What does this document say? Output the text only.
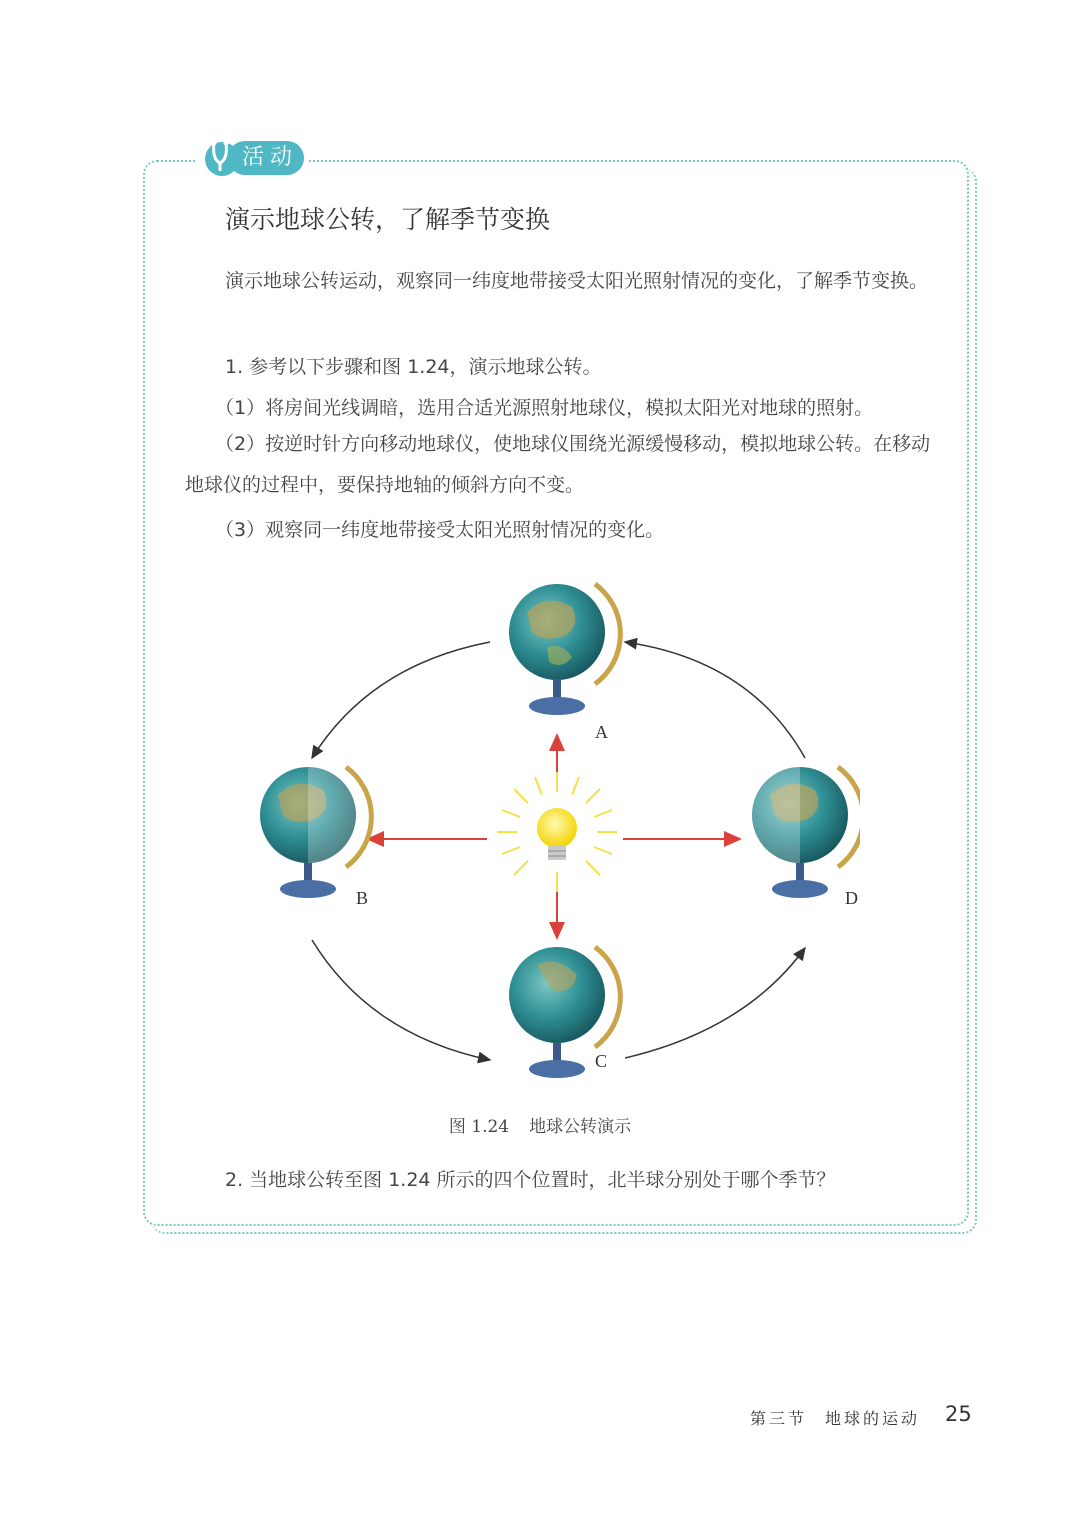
活动
演示地球公转，了解季节变换
演示地球公转运动，观察同一纬度地带接受太阳光照射情况的变化，了解季节变换。
1. 参考以下步骤和图 1.24，演示地球公转。
（1）将房间光线调暗，选用合适光源照射地球仪，模拟太阳光对地球的照射。
（2）按逆时针方向移动地球仪，使地球仪围绕光源缓慢移动，模拟地球公转。在移动地球仪的过程中，要保持地轴的倾斜方向不变。
（3）观察同一纬度地带接受太阳光照射情况的变化。
A
B
C
D
图 1.24 地球公转演示
2. 当地球公转至图 1.24 所示的四个位置时，北半球分别处于哪个季节？
第三节 地球的运动 25
